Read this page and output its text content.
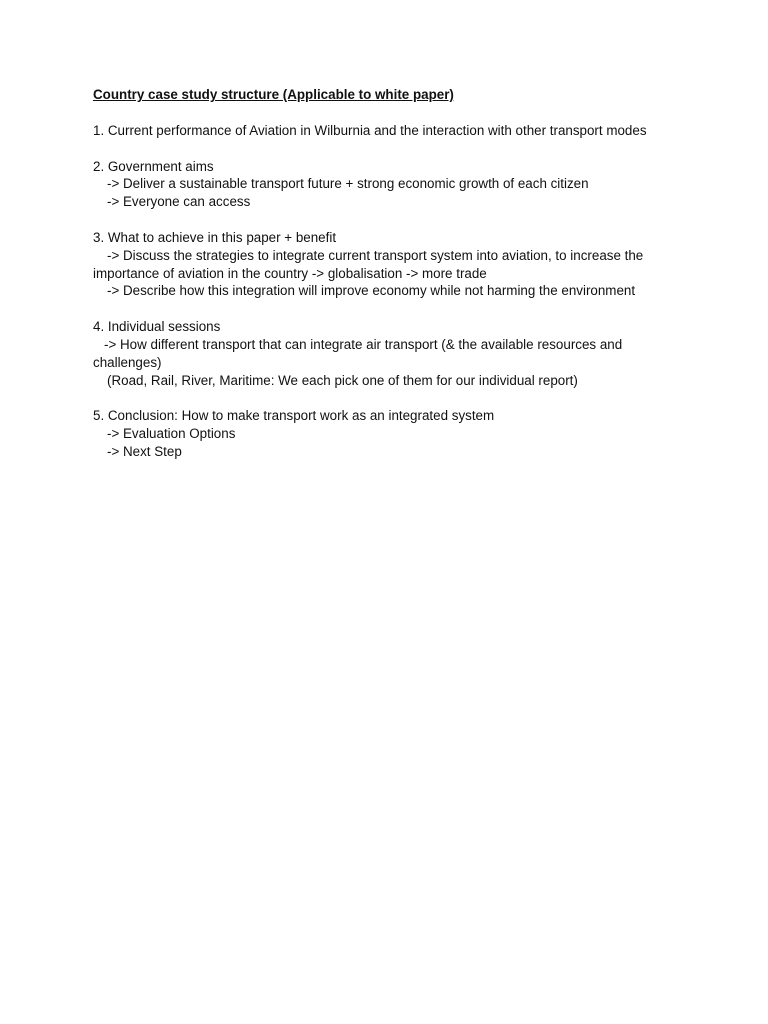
Country case study structure (Applicable to white paper)
1. Current performance of Aviation in Wilburnia and the interaction with other transport modes
2. Government aims
-> Deliver a sustainable transport future + strong economic growth of each citizen
-> Everyone can access
3. What to achieve in this paper + benefit
-> Discuss the strategies to integrate current transport system into aviation, to increase the importance of aviation in the country -> globalisation -> more trade
-> Describe how this integration will improve economy while not harming the environment
4. Individual sessions
-> How different transport that can integrate air transport (& the available resources and challenges)
(Road, Rail, River, Maritime: We each pick one of them for our individual report)
5. Conclusion: How to make transport work as an integrated system
-> Evaluation Options
-> Next Step
